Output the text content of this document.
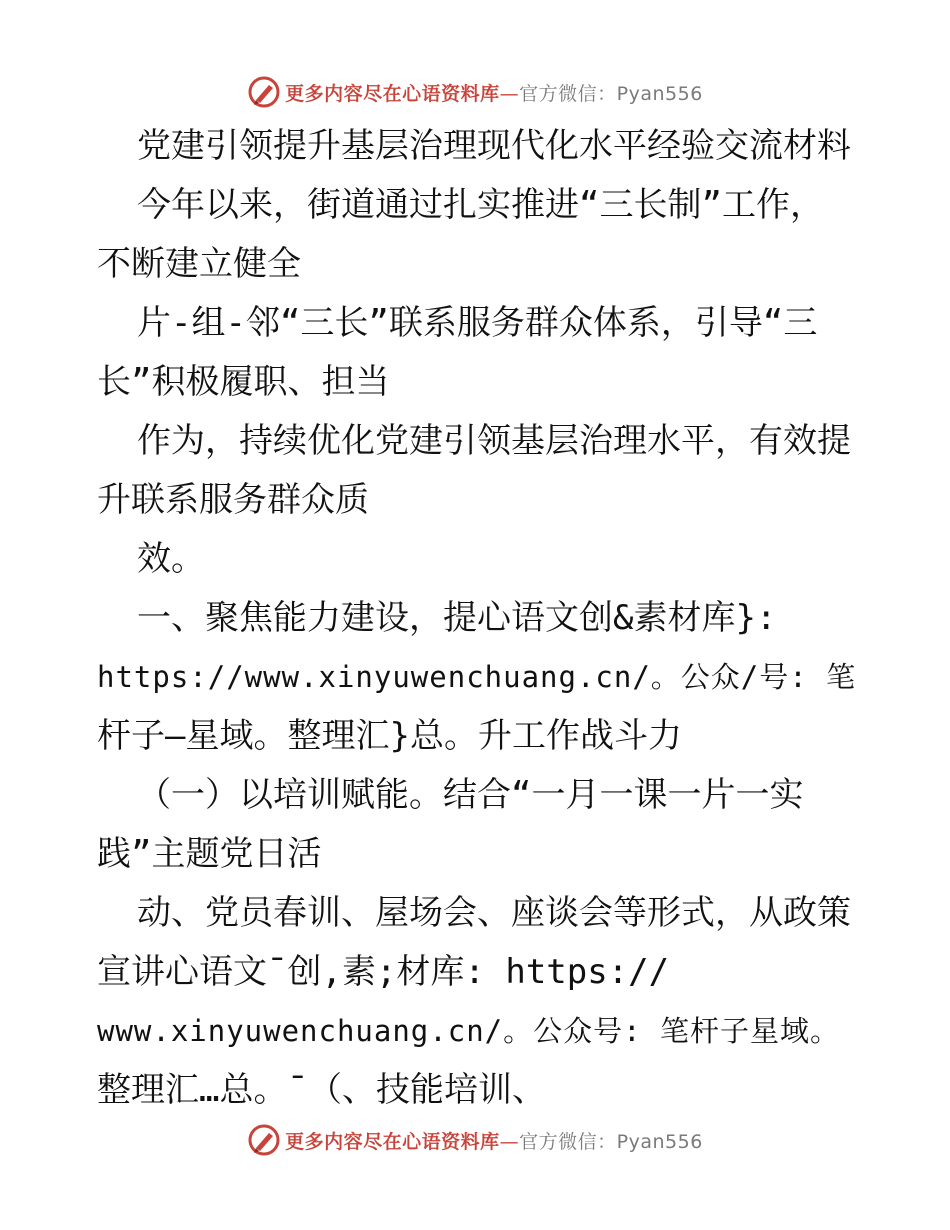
更多内容尽在心语资料库—官方微信：Pyan556
党建引领提升基层治理现代化水平经验交流材料
今年以来，街道通过扎实推进“三长制”工作，
不断建立健全
片-组-邻“三长”联系服务群众体系，引导“三
长”积极履职、担当
作为，持续优化党建引领基层治理水平，有效提
升联系服务群众质
效。
一、聚焦能力建设，提心语文创&素材库}:
https://www.xinyuwenchuang.cn/。公众/号: 笔
杆子—星域。整理汇}总。升工作战斗力
（一）以培训赋能。结合“一月一课一片一实
践”主题党日活
动、党员春训、屋场会、座谈会等形式，从政策
宣讲心语文¯创,素;材库: https://
www.xinyuwenchuang.cn/。公众号: 笔杆子星域。
整理汇…总。¯（、技能培训、
更多内容尽在心语资料库—官方微信：Pyan556
